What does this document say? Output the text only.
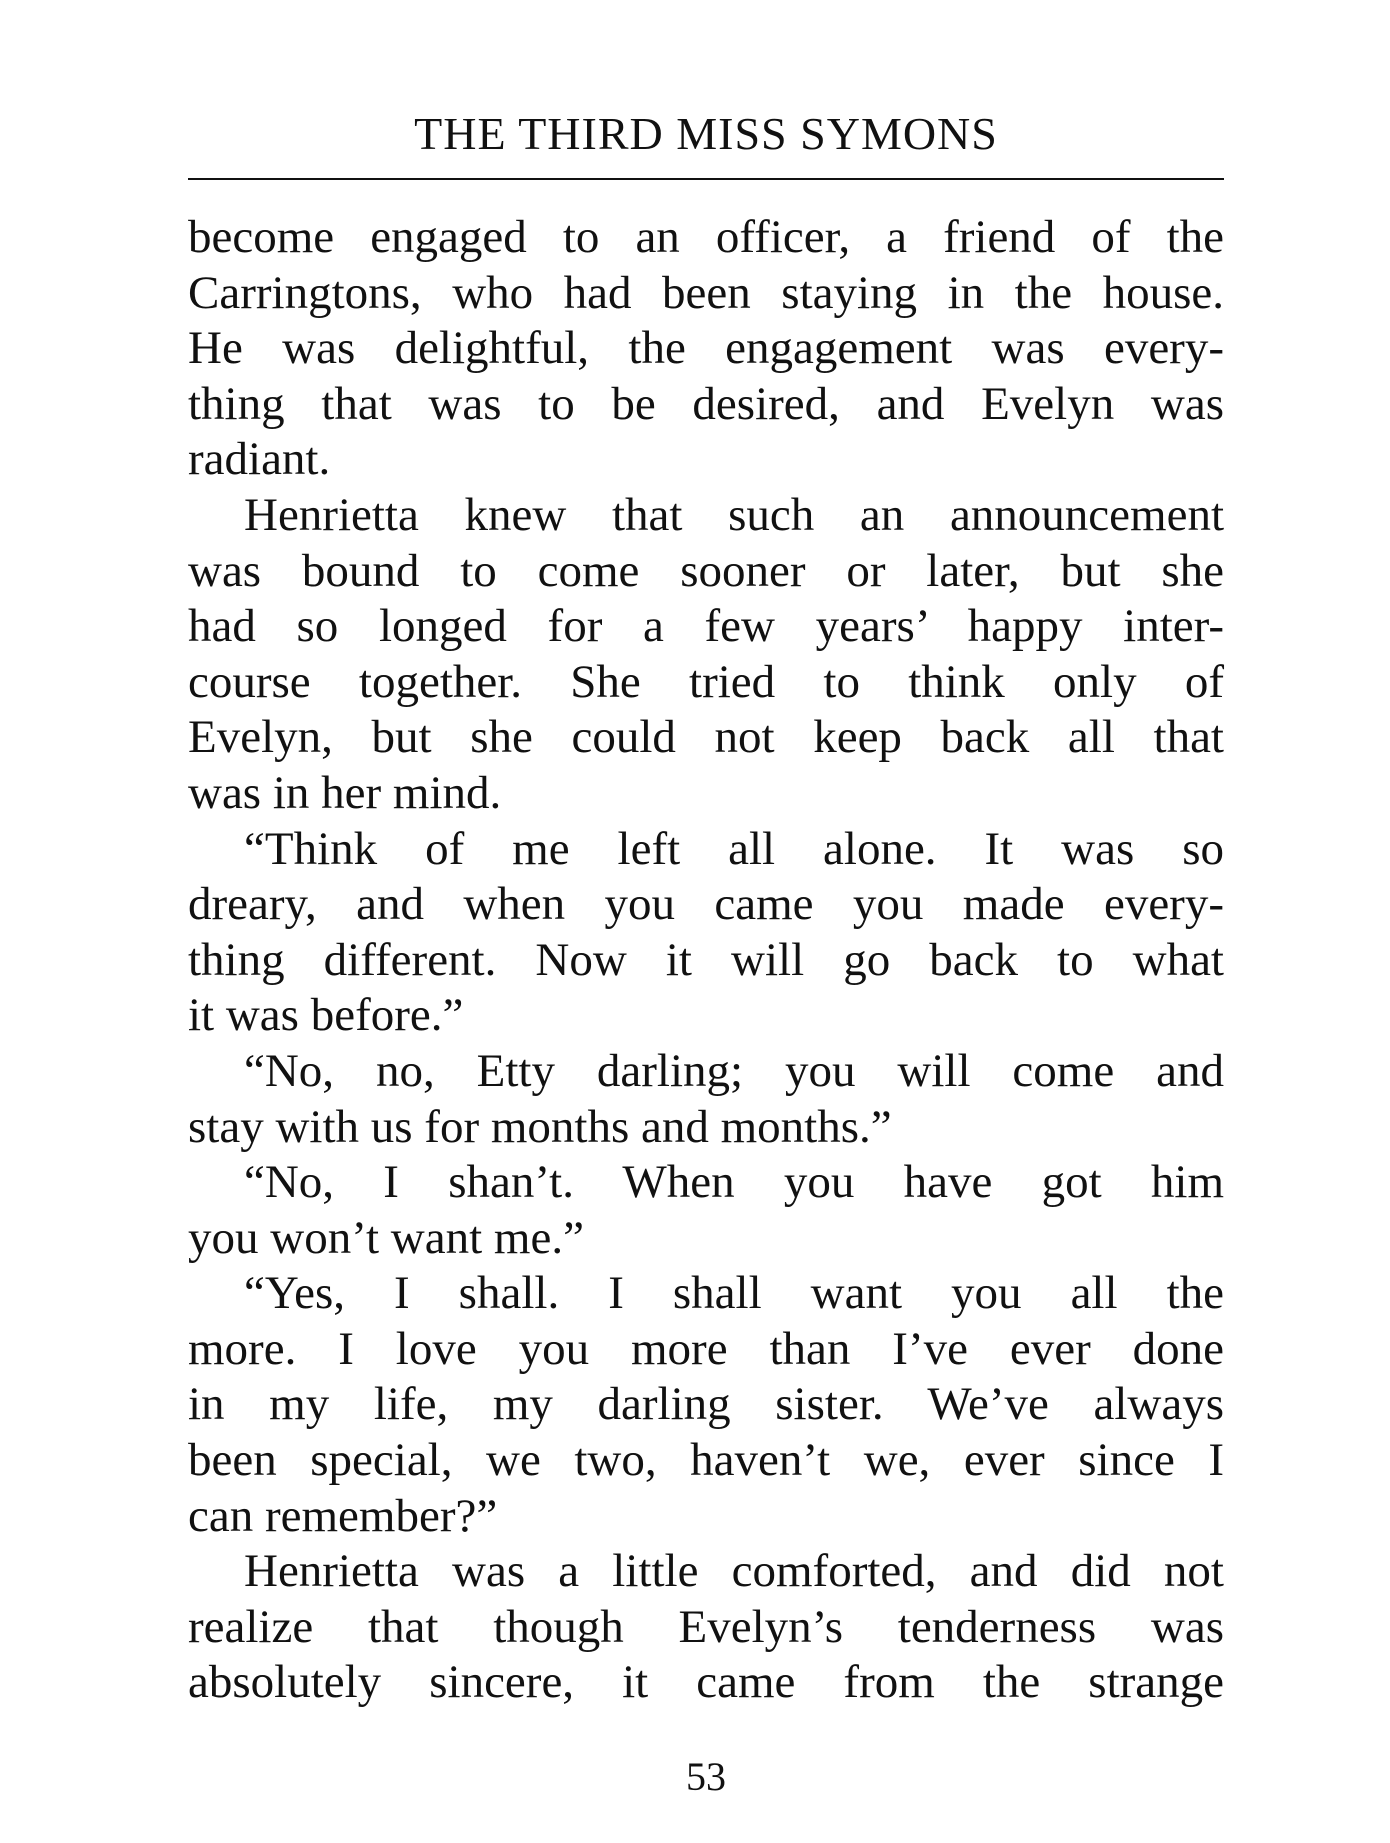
THE THIRD MISS SYMONS
become engaged to an officer, a friend of the
Carringtons, who had been staying in the house.
He was delightful, the engagement was every-
thing that was to be desired, and Evelyn was
radiant.
Henrietta knew that such an announcement
was bound to come sooner or later, but she
had so longed for a few years’ happy inter-
course together. She tried to think only of
Evelyn, but she could not keep back all that
was in her mind.
“Think of me left all alone. It was so
dreary, and when you came you made every-
thing different. Now it will go back to what
it was before.”
“No, no, Etty darling; you will come and
stay with us for months and months.”
“No, I shan’t. When you have got him
you won’t want me.”
“Yes, I shall. I shall want you all the
more. I love you more than I’ve ever done
in my life, my darling sister. We’ve always
been special, we two, haven’t we, ever since I
can remember?”
Henrietta was a little comforted, and did not
realize that though Evelyn’s tenderness was
absolutely sincere, it came from the strange
53
